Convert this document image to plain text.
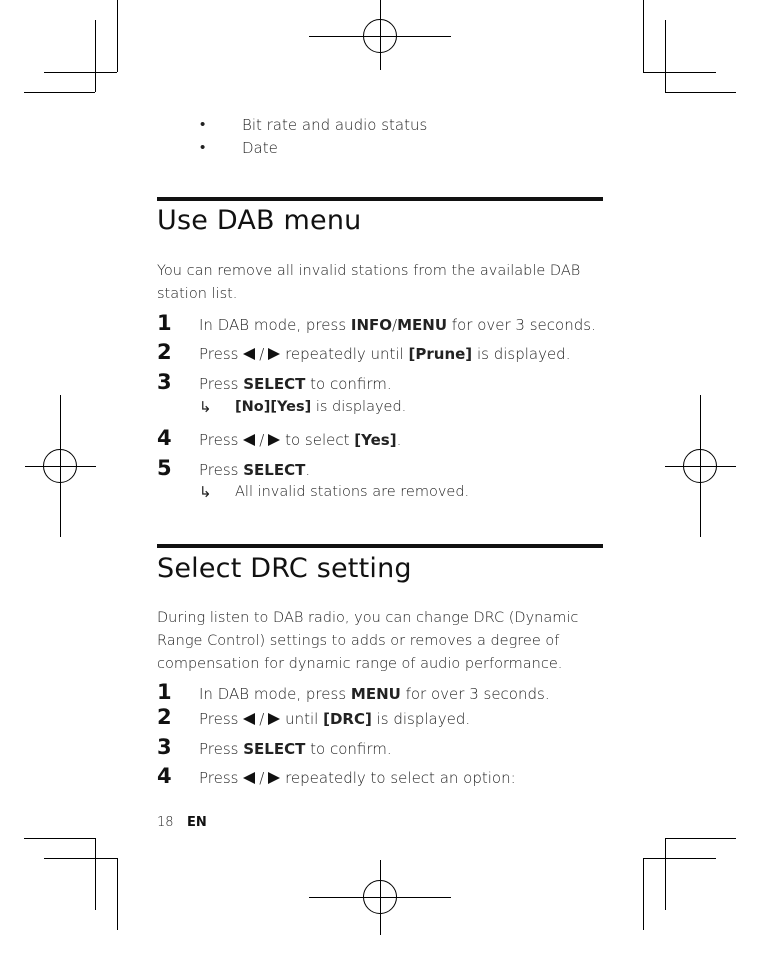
• Bit rate and audio status
• Date
Use DAB menu
You can remove all invalid stations from the available DAB
station list.
1 In DAB mode, press INFO/MENU for over 3 seconds.
2 Press / repeatedly until [Prune] is displayed.
3 Press SELECT to confirm.
↳ [No][Yes] is displayed.
4 Press / to select [Yes].
5 Press SELECT.
↳ All invalid stations are removed.
Select DRC setting
During listen to DAB radio, you can change DRC (Dynamic
Range Control) settings to adds or removes a degree of
compensation for dynamic range of audio performance.
1 In DAB mode, press MENU for over 3 seconds.
2 Press / until [DRC] is displayed.
3 Press SELECT to confirm.
4 Press / repeatedly to select an option:
18 EN
